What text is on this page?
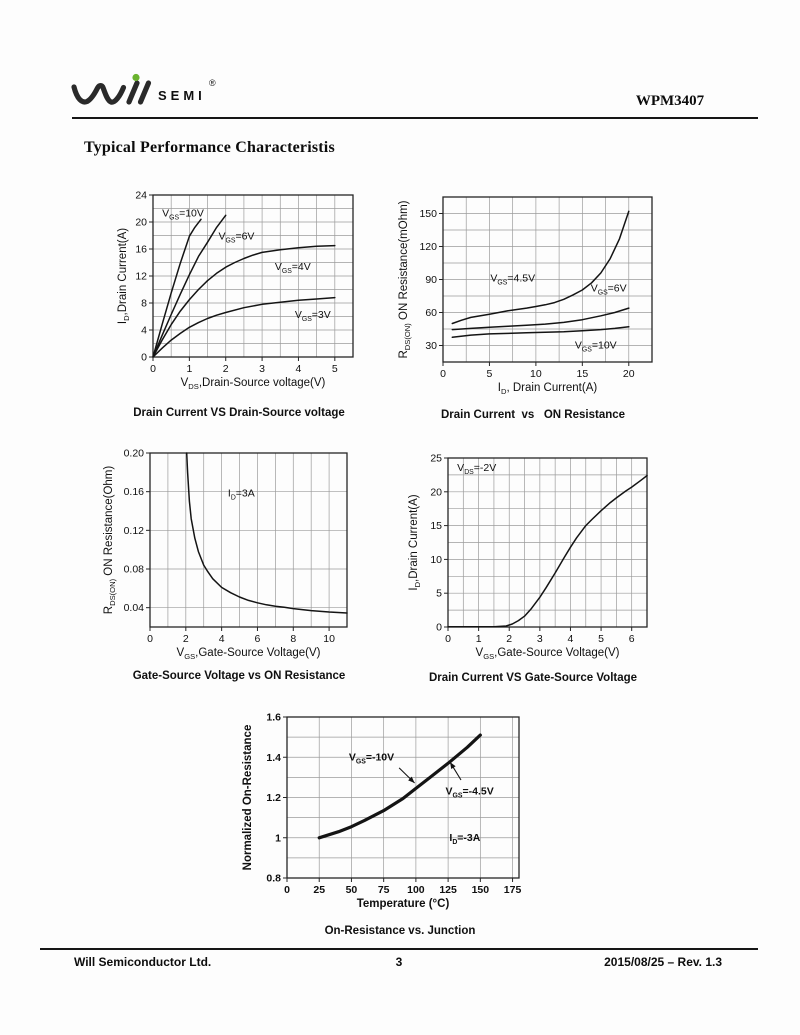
SEMI
®
WPM3407
Typical Performance Characteristis
0	1	2	3	4	5
0
4
8
12
16
20
24
$V_{GS}=10V$
$V_{GS}=6V$
$V_{GS}=4V$
$V_{GS}=3V$
$V_{DS},Drain$-Source voltage(V)
$I_D,Drain$ Current(A)
0	5	10	15	20
30
60
90
120
150
$V_{GS}=4.5V$
$V_{GS}=6V$
$V_{GS}=10V$
$I_D$, Drain Current(A)
$R_{DS(ON)}$ ON Resistance(mOhm)
0	2	4	6	8	10
0.04
0.08
0.12
0.16
0.20
$I_D=3A$
$V_{GS},Gate$-Source Voltage(V)
$R_{DS(ON)}$ ON Resistance(Ohm)
0 1 2 3 4 5 6
0
5
10
15
20
25
$V_{DS}=-2V$
$V_{GS},Gate$-Source Voltage(V)
$I_D,Drain$ Current(A)
0 25 50 75 100 125 150 175
0.8
1
1.2
1.4
1.6
$V_{GS}=-10V$
$V_{GS}=-4.5V$
$I_D=-3A$
Temperature (°C)
Normalized On-Resistance
Drain Current VS Drain-Source voltage	Drain Current  vs   ON Resistance
Gate-Source Voltage vs ON Resistance	Drain Current VS Gate-Source Voltage
On-Resistance vs. Junction
Will Semiconductor Ltd.	3	2015/08/25 – Rev. 1.3
